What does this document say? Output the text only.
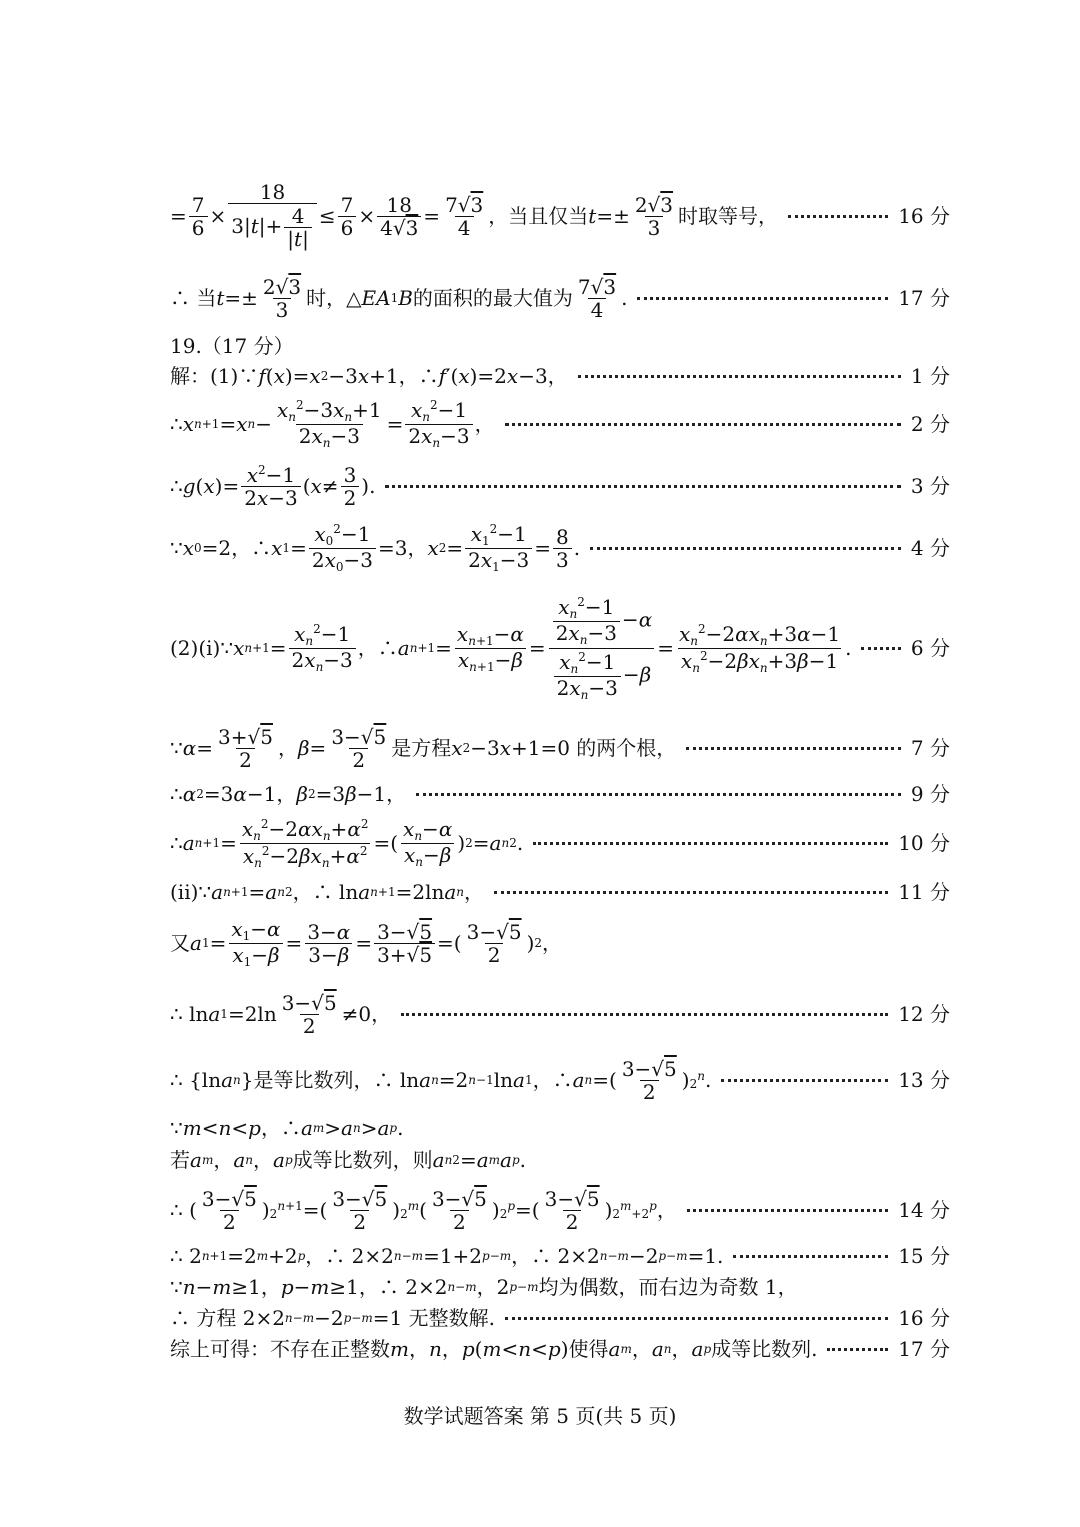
= 7
6 ×
18
$3|t|+ \frac{4}{|t|} \le 7$
6 × 18
4√3 = 7√3
4 ，当且仅当 t =± 2√3
3 时取等号，	16 分
∴ 当 t =± 2√3
3 时，△ EA 1 B 的面积的最大值为 7√3
4 .	17 分
19.（17 分）
解：(1)∵ f ( x )= x 2 −3 x +1，∴ f ′( x )=2 x −3，	1 分
∴ x n+1 = x n −
$x_n^2-3x_n+1$
$2x_n-3$ =
$x_n^2-1$
$2x_n-3$ ，	2 分
∴ g ( x )= $x^2-1$
2x−3 ( x ≠ 3
2 ).	3 分
∵ x 0 =2，∴ x 1 =
$x_0^2-1$
$2x_0-3 =3$， x 2 =
$x_1^2-1$
$2x_1-3 = 8$
3 .	4 分
(2)(i)∵ x n+1 =
$x_n^2-1$
$2x_n-3$ ，∴ a n+1 =
$x_{n+1}-\alpha$
$x_{n+1}-\beta$ =
$\frac{x_n^2-1}{2x_n-3} -\alpha$
$\frac{x_n^2-1}{2x_n-3} -\beta$
=
$x_n^2-2\alpha x_n+3\alpha-1$
$x_n^2-2\beta x_n+3\beta-1$
.	6 分
∵ α = 3+√5
2 ， β = 3−√5
2 是方程 x 2 −3 x +1=0 的两个根，	7 分
∴ α 2 =3 α −1， β 2 =3 β −1，	9 分
∴ a n+1 =
$x_n^2-2\alpha x_n+\alpha^2$
$x_n^2-2\beta x_n+\alpha^2$ =(
$x_n-\alpha$
$x_n-\beta$ ) 2 = a n 2 .	10 分
(ii)∵ a n+1 = a n 2 ，∴ ln a n+1 =2ln a n ，	11 分
又 a 1 =
$x_1-\alpha$
$x_1-\beta = 3-\alpha$
3−β = 3−√5
3+√5 =( 3−√5
2 ) 2 ，
∴ ln a 1 =2ln 3−√5
2 ≠0，	12 分
∴ {ln a n }是等比数列，∴ ln a n =2 n−1 ln a 1 ，∴ a n =( 3−√5
2 ) 2$^n$ .	13 分
∵ m < n < p ，∴ a m > a n > a p .
若 a m ， a n ， a p 成等比数列，则 a n 2 = a m a p .
∴ ( 3−√5
2 ) $2^{n+1}$ =( 3−√5
2 ) 2$^m$ ( 3−√5
2 ) $2^p$ =( 3−√5
2 ) $2^m+2^p$ ，	14 分
∴ 2 n+1 =2 m +2 p ，∴ 2×2 n−m =1+2 p−m ，∴ 2×2 n−m −2 p−m =1.	15 分
∵ n − m ≥1， p − m ≥1，∴ 2×2 n−m ，2 p−m 均为偶数，而右边为奇数 1，
∴ 方程 2×2 n−m −2 p−m =1 无整数解.	16 分
综上可得：不存在正整数 m ， n ， p ( m < n < p )使得 a m ， a n ， a p 成等比数列.	17 分
数学试题答案 第 5 页(共 5 页)
